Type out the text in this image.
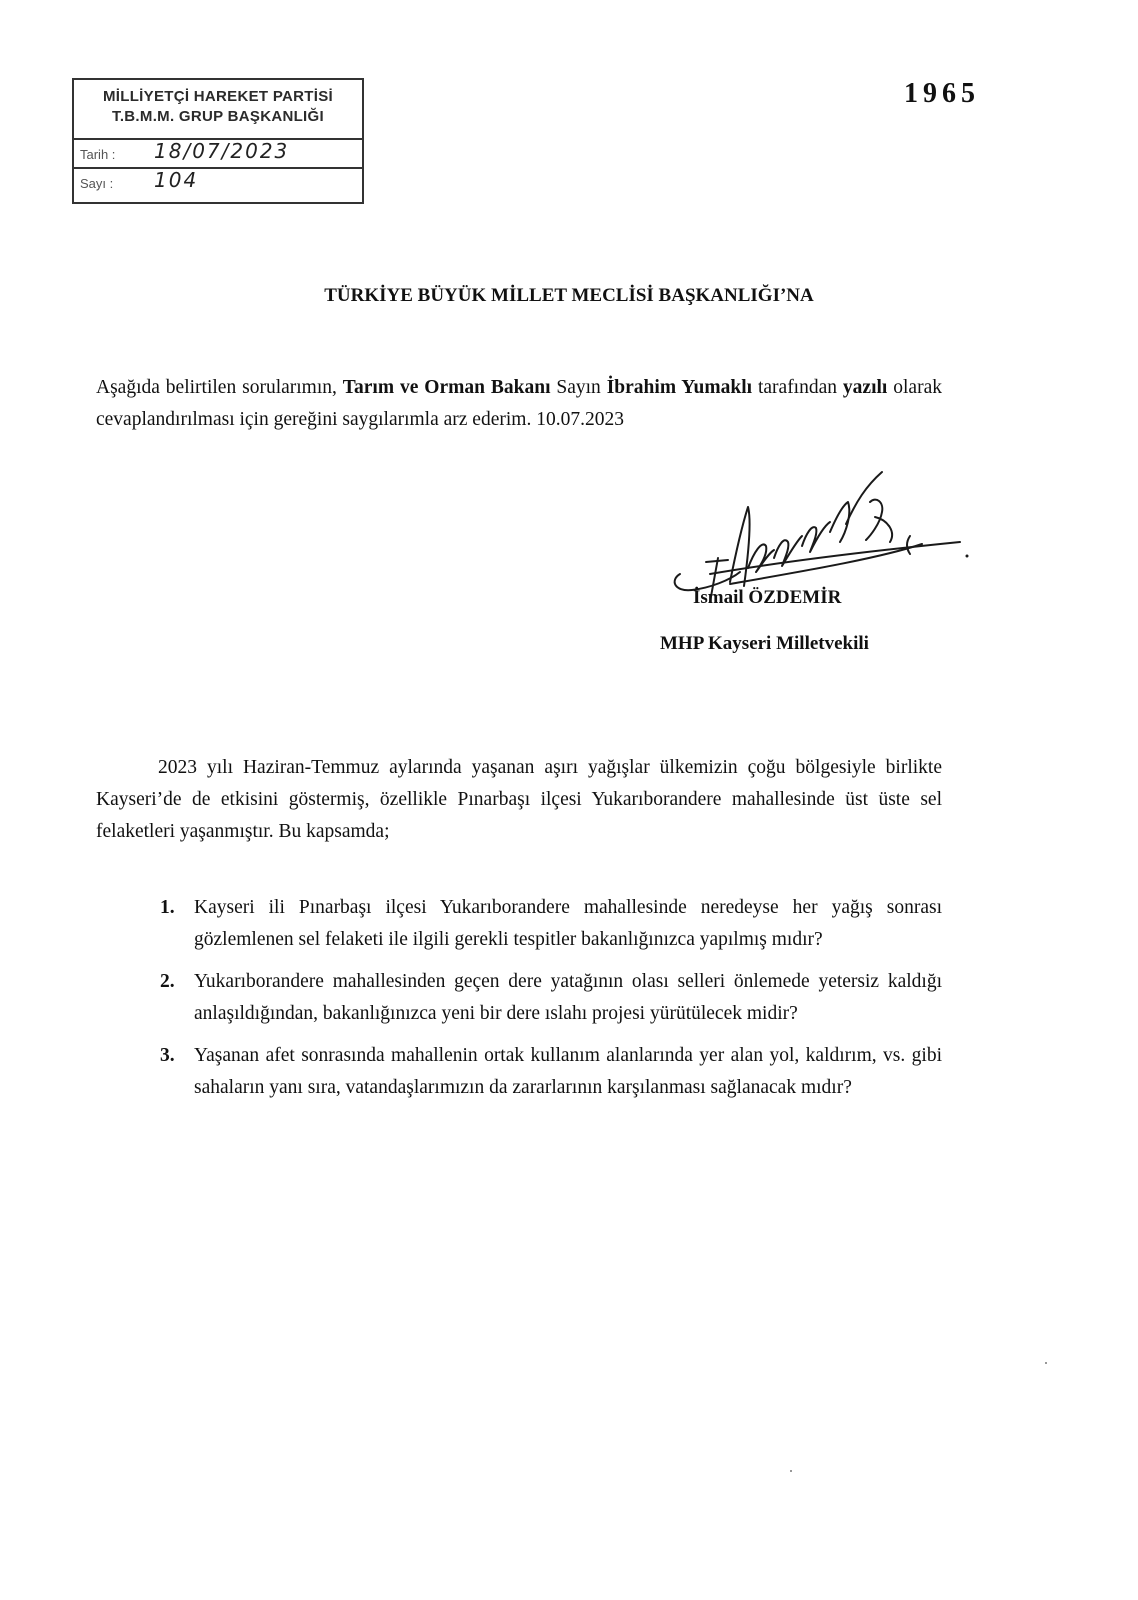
MİLLİYETÇİ HAREKET PARTİSİ
T.B.M.M. GRUP BAŞKANLIĞI
Tarih : 18/07/2023
Sayı : 104
1965
TÜRKİYE BÜYÜK MİLLET MECLİSİ BAŞKANLIĞI’NA

Aşağıda belirtilen sorularımın, Tarım ve Orman Bakanı Sayın İbrahim Yumaklı tarafından yazılı olarak cevaplandırılması için gereğini saygılarımla arz ederim. 10.07.2023

İsmail ÖZDEMİR
MHP Kayseri Milletvekili

2023 yılı Haziran-Temmuz aylarında yaşanan aşırı yağışlar ülkemizin çoğu bölgesiyle birlikte Kayseri’de de etkisini göstermiş, özellikle Pınarbaşı ilçesi Yukarıborandere mahallesinde üst üste sel felaketleri yaşanmıştır. Bu kapsamda;

1. Kayseri ili Pınarbaşı ilçesi Yukarıborandere mahallesinde neredeyse her yağış sonrası gözlemlenen sel felaketi ile ilgili gerekli tespitler bakanlığınızca yapılmış mıdır?
2. Yukarıborandere mahallesinden geçen dere yatağının olası selleri önlemede yetersiz kaldığı anlaşıldığından, bakanlığınızca yeni bir dere ıslahı projesi yürütülecek midir?
3. Yaşanan afet sonrasında mahallenin ortak kullanım alanlarında yer alan yol, kaldırım, vs. gibi sahaların yanı sıra, vatandaşlarımızın da zararlarının karşılanması sağlanacak mıdır?
